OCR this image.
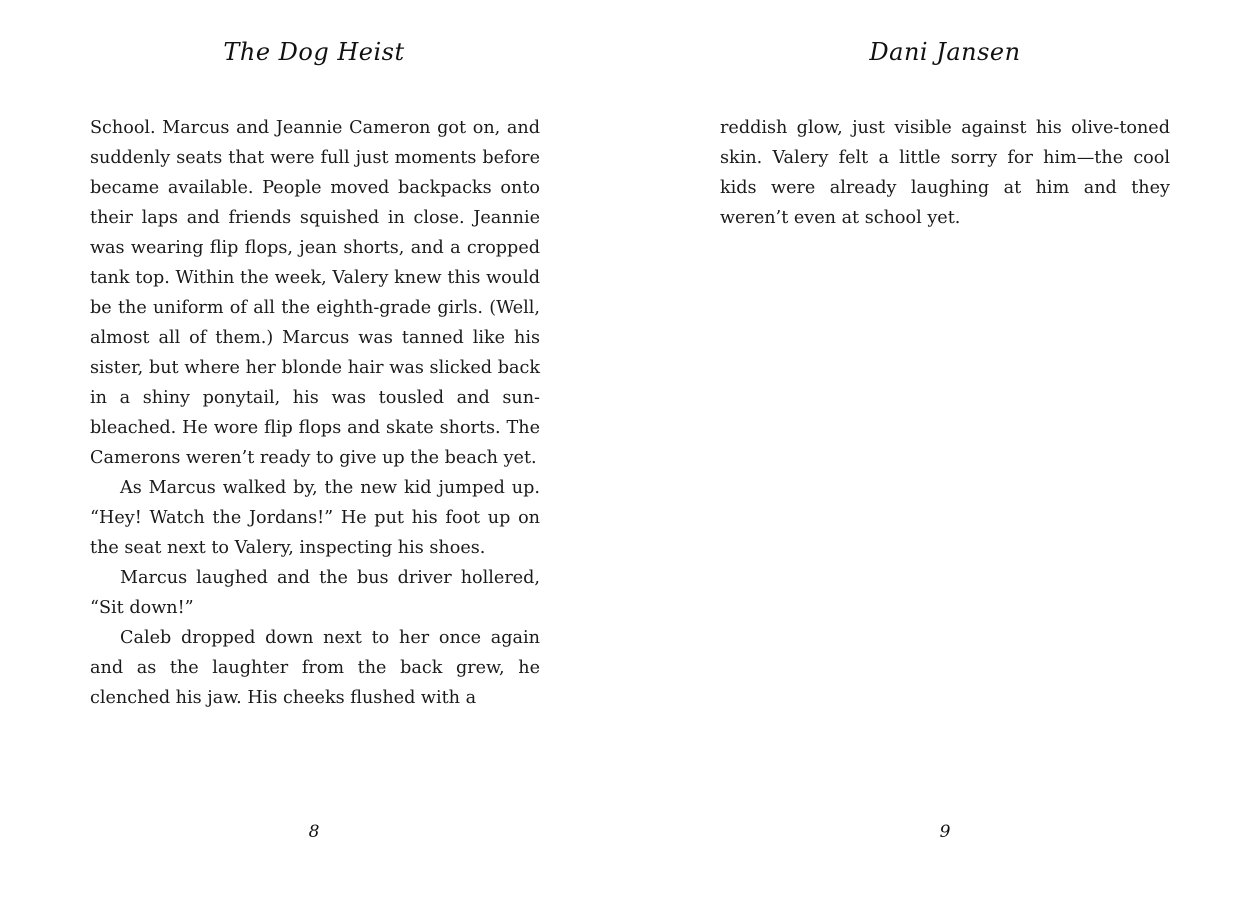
The Dog Heist

School. Marcus and Jeannie Cameron got on, and suddenly seats that were full just moments before became available. People moved backpacks onto their laps and friends squished in close. Jeannie was wearing flip flops, jean shorts, and a cropped tank top. Within the week, Valery knew this would be the uniform of all the eighth-grade girls. (Well, almost all of them.) Marcus was tanned like his sister, but where her blonde hair was slicked back in a shiny ponytail, his was tousled and sun-bleached. He wore flip flops and skate shorts. The Camerons weren’t ready to give up the beach yet.

As Marcus walked by, the new kid jumped up. “Hey! Watch the Jordans!” He put his foot up on the seat next to Valery, inspecting his shoes.

Marcus laughed and the bus driver hollered, “Sit down!”

Caleb dropped down next to her once again and as the laughter from the back grew, he clenched his jaw. His cheeks flushed with a

8
Dani Jansen

reddish glow, just visible against his olive-toned skin. Valery felt a little sorry for him—the cool kids were already laughing at him and they weren’t even at school yet.

9
